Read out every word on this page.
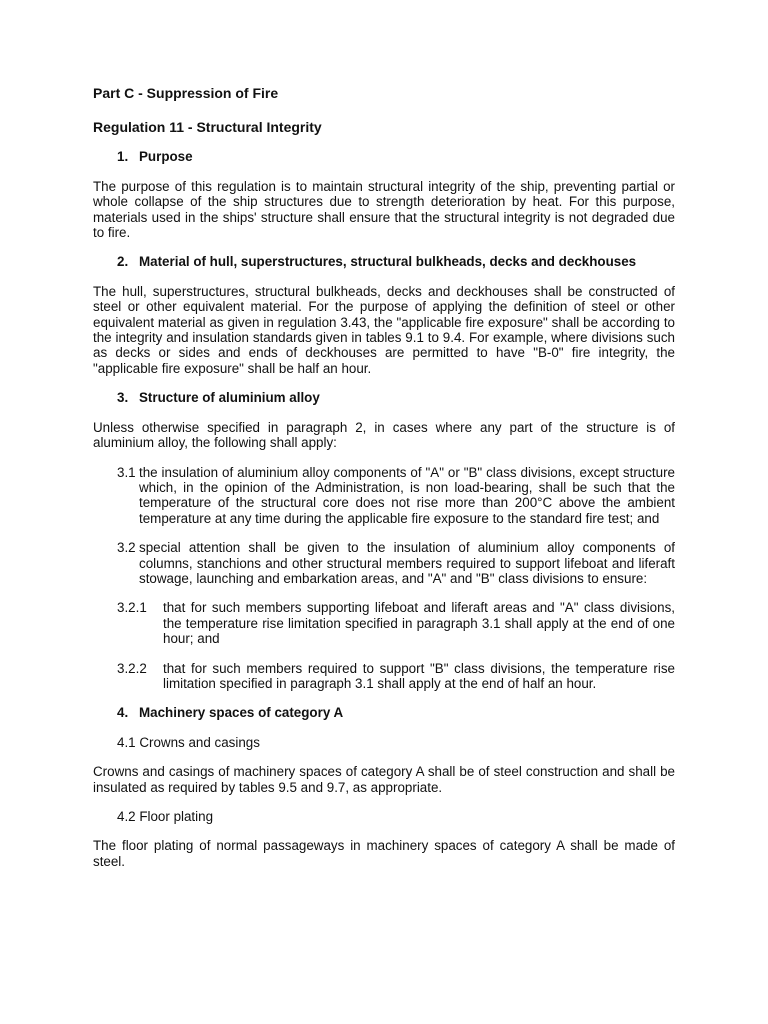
Part C - Suppression of Fire
Regulation 11 - Structural Integrity
1. Purpose

The purpose of this regulation is to maintain structural integrity of the ship, preventing partial or whole collapse of the ship structures due to strength deterioration by heat. For this purpose, materials used in the ships' structure shall ensure that the structural integrity is not degraded due to fire.

2. Material of hull, superstructures, structural bulkheads, decks and deckhouses

The hull, superstructures, structural bulkheads, decks and deckhouses shall be constructed of steel or other equivalent material. For the purpose of applying the definition of steel or other equivalent material as given in regulation 3.43, the "applicable fire exposure" shall be according to the integrity and insulation standards given in tables 9.1 to 9.4. For example, where divisions such as decks or sides and ends of deckhouses are permitted to have "B-0" fire integrity, the "applicable fire exposure" shall be half an hour.

3. Structure of aluminium alloy

Unless otherwise specified in paragraph 2, in cases where any part of the structure is of aluminium alloy, the following shall apply:

3.1 the insulation of aluminium alloy components of "A" or "B" class divisions, except structure which, in the opinion of the Administration, is non load-bearing, shall be such that the temperature of the structural core does not rise more than 200°C above the ambient temperature at any time during the applicable fire exposure to the standard fire test; and
3.2 special attention shall be given to the insulation of aluminium alloy components of columns, stanchions and other structural members required to support lifeboat and liferaft stowage, launching and embarkation areas, and "A" and "B" class divisions to ensure:
3.2.1	that for such members supporting lifeboat and liferaft areas and "A" class divisions, the temperature rise limitation specified in paragraph 3.1 shall apply at the end of one hour; and
3.2.2	that for such members required to support "B" class divisions, the temperature rise limitation specified in paragraph 3.1 shall apply at the end of half an hour.
4. Machinery spaces of category A
4.1 Crowns and casings

Crowns and casings of machinery spaces of category A shall be of steel construction and shall be insulated as required by tables 9.5 and 9.7, as appropriate.

4.2 Floor plating

The floor plating of normal passageways in machinery spaces of category A shall be made of steel.
